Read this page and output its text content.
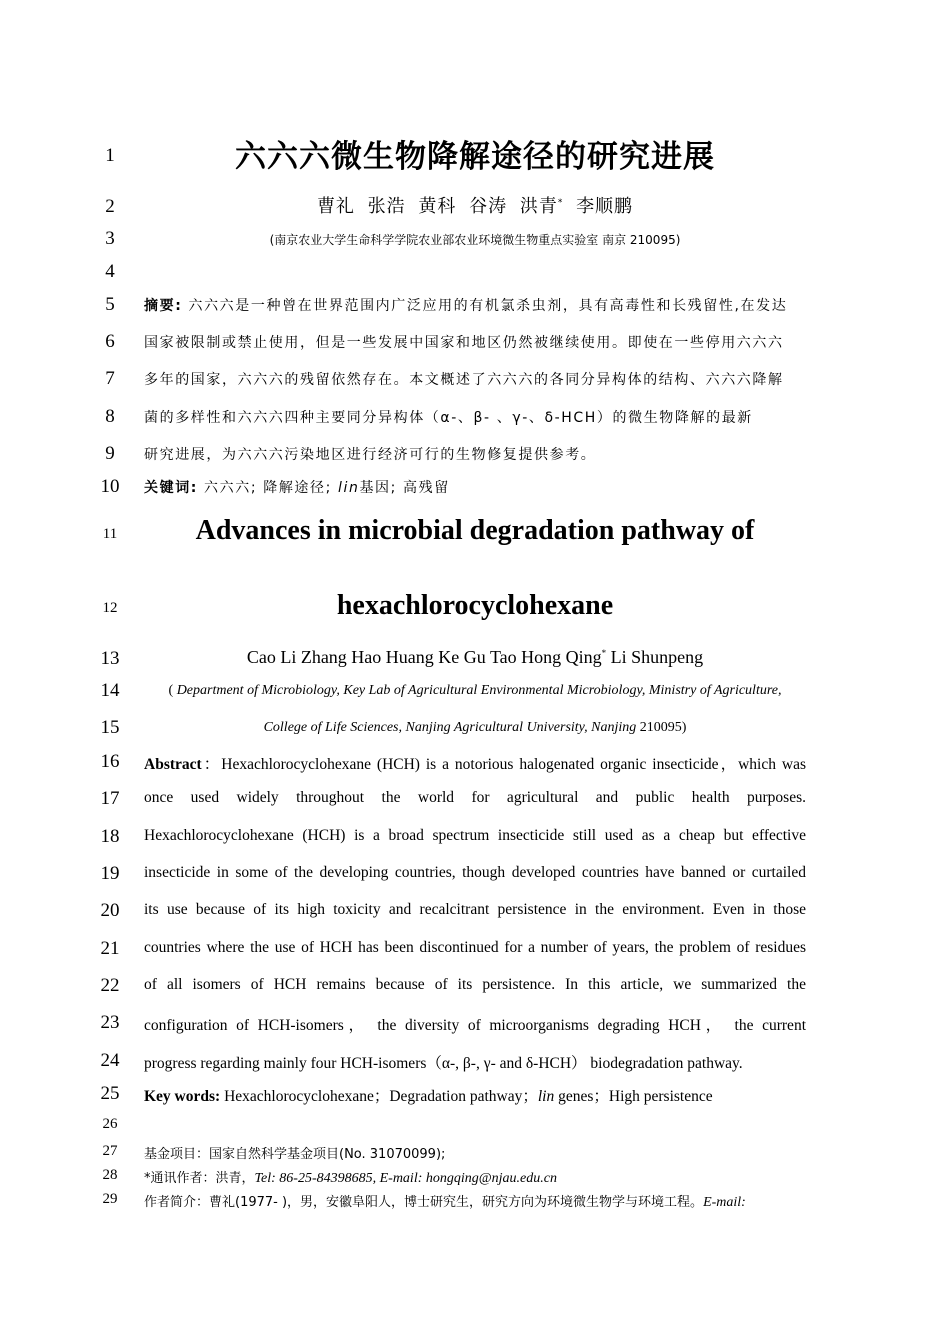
1
2
3
4
5
6
7
8
9
10
11
12
13
14
15
16
17
18
19
20
21
22
23
24
25
26
27
28
29
六六六微生物降解途径的研究进展
曹礼 张浩 黄科 谷涛 洪青* 李顺鹏
(南京农业大学生命科学学院农业部农业环境微生物重点实验室 南京 210095)
摘要: 六六六是一种曾在世界范围内广泛应用的有机氯杀虫剂，具有高毒性和长残留性,在发达
国家被限制或禁止使用，但是一些发展中国家和地区仍然被继续使用。即使在一些停用六六六
多年的国家，六六六的残留依然存在。本文概述了六六六的各同分异构体的结构、六六六降解
菌的多样性和六六六四种主要同分异构体（α-、β- 、γ-、δ-HCH）的微生物降解的最新
研究进展，为六六六污染地区进行经济可行的生物修复提供参考。
关键词: 六六六; 降解途径; lin基因; 高残留
Advances in microbial degradation pathway of
hexachlorocyclohexane
Cao Li Zhang Hao Huang Ke Gu Tao Hong Qing* Li Shunpeng
( Department of Microbiology, Key Lab of Agricultural Environmental Microbiology, Ministry of Agriculture,
College of Life Sciences, Nanjing Agricultural University, Nanjing 210095)
Abstract：Hexachlorocyclohexane (HCH) is a notorious halogenated organic insecticide，which was
once used widely throughout the world for agricultural and public health purposes.
Hexachlorocyclohexane (HCH) is a broad spectrum insecticide still used as a cheap but effective
insecticide in some of the developing countries, though developed countries have banned or curtailed
its use because of its high toxicity and recalcitrant persistence in the environment. Even in those
countries where the use of HCH has been discontinued for a number of years, the problem of residues
of all isomers of HCH remains because of its persistence. In this article, we summarized the
configuration of HCH-isomers， the diversity of microorganisms degrading HCH， the current
progress regarding mainly four HCH-isomers（α-, β-, γ- and δ-HCH） biodegradation pathway.
Key words: Hexachlorocyclohexane；Degradation pathway；lin genes；High persistence
基金项目：国家自然科学基金项目(No. 31070099);
*通讯作者：洪青，Tel: 86-25-84398685, E-mail: hongqing@njau.edu.cn
作者简介：曹礼(1977- )，男，安徽阜阳人，博士研究生，研究方向为环境微生物学与环境工程。E-mail:
